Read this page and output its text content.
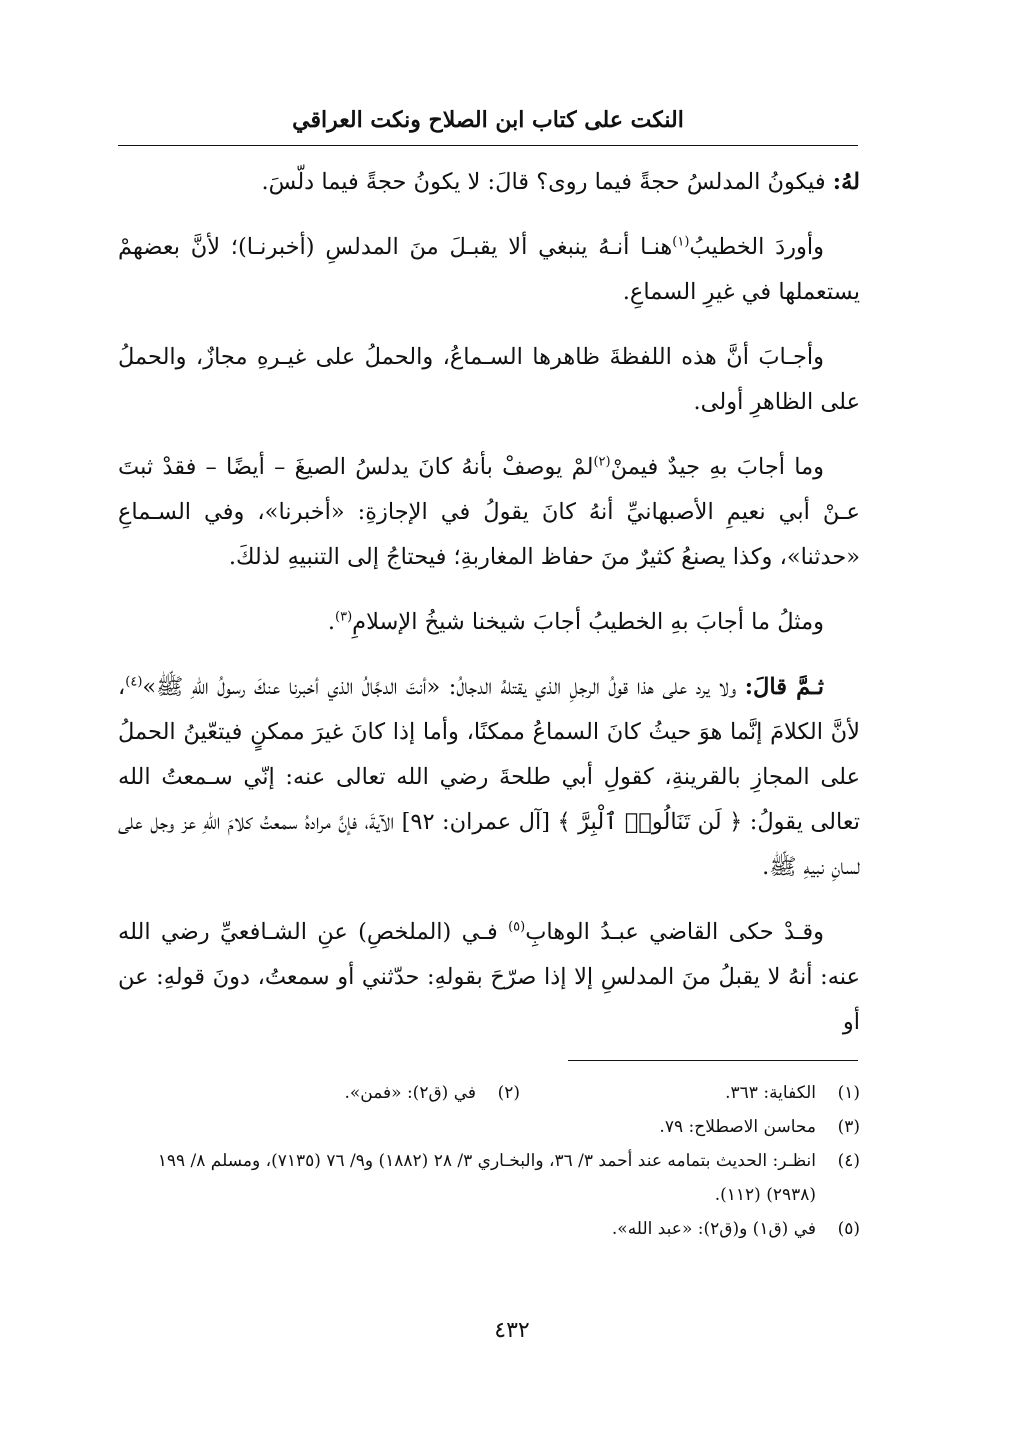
النكت على كتاب ابن الصلاح ونكت العراقي

لهُ: فيكونُ المدلسُ حجةً فيما روى؟ قالَ: لا يكونُ حجةً فيما دلّسَ.

وأوردَ الخطيبُ$^{(١)}$هنـا أنـهُ ينبغي ألا يقبـلَ منَ المدلسِ (أخبرنـا)؛ لأنَّ بعضهمْ يستعملها في غيرِ السماعِ.

وأجـابَ أنَّ هذه اللفظةَ ظاهرها السـماعُ، والحملُ على غيـرهِ مجازٌ، والحملُ على الظاهرِ أولى.

وما أجابَ بهِ جيدٌ فيمنْ$^{(٢)}$لمْ يوصفْ بأنهُ كانَ يدلسُ الصيغَ – أيضًا – فقدْ ثبتَ عـنْ أبي نعيمِ الأصبهانيِّ أنهُ كانَ يقولُ في الإجازةِ: «أخبرنا»، وفي السـماعِ «حدثنا»، وكذا يصنعُ كثيرٌ منَ حفاظ المغاربةِ؛ فيحتاجُ إلى التنبيهِ لذلكَ.

ومثلُ ما أجابَ بهِ الخطيبُ أجابَ شيخنا شيخُ الإسلامِ$^{(٣)}$.

ثـمَّ قالَ: ولا يرد على هذا قولُ الرجلِ الذي يقتلهُ الدجالُ: «أنتَ الدجَّالُ الذي أخبرنا عنكَ رسولُ اللهِ ﷺ»$^{(٤)}$، لأنَّ الكلامَ إنَّما هوَ حيثُ كانَ السماعُ ممكنًا، وأما إذا كانَ غيرَ ممكنٍ فيتعّينُ الحملُ على المجازِ بالقرينةِ، كقولِ أبي طلحةَ رضي الله تعالى عنه: إنّي سـمعتُ الله تعالى يقولُ: ﴿ لَن تَنَالُوا۟ ٱلْبِرَّ ﴾ [آل عمران: ٩٢] الآيةَ، فإنَّ مرادهُ سمعتُ كلامَ اللهِ عز وجل على لسانِ نبيهِ ﷺ.

وقـدْ حكى القاضي عبـدُ الوهابِ$^{(٥)}$ فـي (الملخصِ) عنِ الشـافعيِّ رضي الله عنه: أنهُ لا يقبلُ منَ المدلسِ إلا إذا صرّحَ بقولهِ: حدّثني أو سمعتُ، دونَ قولهِ: عن أو

(١)
الكفاية: ٣٦٣.
(٢)
في (ق٢): «فمن».
(٣)
محاسن الاصطلاح: ٧٩.
(٤)
انظـر: الحديث بتمامه عند أحمد ٣/ ٣٦، والبخـاري ٣/ ٢٨ (١٨٨٢) و٩/ ٧٦ (٧١٣٥)، ومسلم ٨/ ١٩٩ (٢٩٣٨) (١١٢).
(٥)
في (ق١) و(ق٢): «عبد الله».
٤٣٢
